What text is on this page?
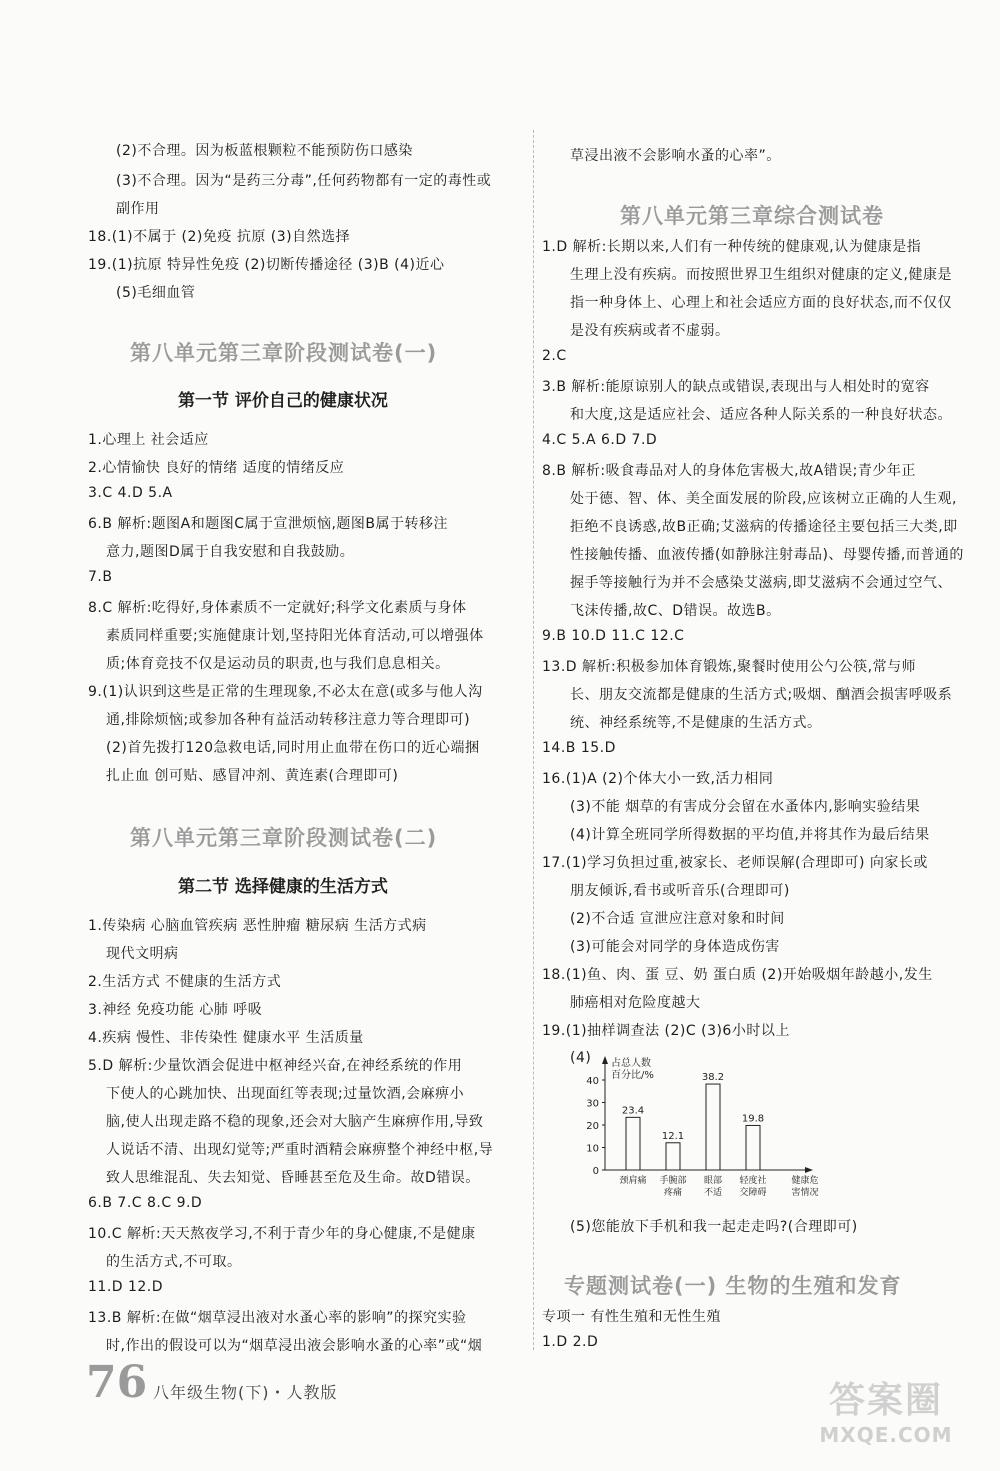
第八单元第三章阶段测试卷(一)
第一节 评价自己的健康状况
第八单元第三章阶段测试卷(二)
第二节 选择健康的生活方式
(2)不合理。因为板蓝根颗粒不能预防伤口感染
(3)不合理。因为“是药三分毒”,任何药物都有一定的毒性或
副作用
18.(1)不属于 (2)免疫 抗原 (3)自然选择
19.(1)抗原 特异性免疫 (2)切断传播途径 (3)B (4)近心
(5)毛细血管
1.心理上 社会适应
2.心情愉快 良好的情绪 适度的情绪反应
3.C 4.D 5.A
6.B 解析:题图A和题图C属于宣泄烦恼,题图B属于转移注
意力,题图D属于自我安慰和自我鼓励。
7.B
8.C 解析:吃得好,身体素质不一定就好;科学文化素质与身体
素质同样重要;实施健康计划,坚持阳光体育活动,可以增强体
质;体育竞技不仅是运动员的职责,也与我们息息相关。
9.(1)认识到这些是正常的生理现象,不必太在意(或多与他人沟
通,排除烦恼;或参加各种有益活动转移注意力等合理即可)
(2)首先拨打120急救电话,同时用止血带在伤口的近心端捆
扎止血 创可贴、感冒冲剂、黄连素(合理即可)
1.传染病 心脑血管疾病 恶性肿瘤 糖尿病 生活方式病
现代文明病
2.生活方式 不健康的生活方式
3.神经 免疫功能 心肺 呼吸
4.疾病 慢性、非传染性 健康水平 生活质量
5.D 解析:少量饮酒会促进中枢神经兴奋,在神经系统的作用
下使人的心跳加快、出现面红等表现;过量饮酒,会麻痹小
脑,使人出现走路不稳的现象,还会对大脑产生麻痹作用,导致
人说话不清、出现幻觉等;严重时酒精会麻痹整个神经中枢,导
致人思维混乱、失去知觉、昏睡甚至危及生命。故D错误。
6.B 7.C 8.C 9.D
10.C 解析:天天熬夜学习,不利于青少年的身心健康,不是健康
的生活方式,不可取。
11.D 12.D
13.B 解析:在做“烟草浸出液对水蚤心率的影响”的探究实验
时,作出的假设可以为“烟草浸出液会影响水蚤的心率”或“烟
第八单元第三章综合测试卷
专题测试卷(一) 生物的生殖和发育
草浸出液不会影响水蚤的心率”。
1.D 解析:长期以来,人们有一种传统的健康观,认为健康是指
生理上没有疾病。而按照世界卫生组织对健康的定义,健康是
指一种身体上、心理上和社会适应方面的良好状态,而不仅仅
是没有疾病或者不虚弱。
2.C
3.B 解析:能原谅别人的缺点或错误,表现出与人相处时的宽容
和大度,这是适应社会、适应各种人际关系的一种良好状态。
4.C 5.A 6.D 7.D
8.B 解析:吸食毒品对人的身体危害极大,故A错误;青少年正
处于德、智、体、美全面发展的阶段,应该树立正确的人生观,
拒绝不良诱惑,故B正确;艾滋病的传播途径主要包括三大类,即
性接触传播、血液传播(如静脉注射毒品)、母婴传播,而普通的
握手等接触行为并不会感染艾滋病,即艾滋病不会通过空气、
飞沫传播,故C、D错误。故选B。
9.B 10.D 11.C 12.C
13.D 解析:积极参加体育锻炼,聚餐时使用公勺公筷,常与师
长、朋友交流都是健康的生活方式;吸烟、酗酒会损害呼吸系
统、神经系统等,不是健康的生活方式。
14.B 15.D
16.(1)A (2)个体大小一致,活力相同
(3)不能 烟草的有害成分会留在水蚤体内,影响实验结果
(4)计算全班同学所得数据的平均值,并将其作为最后结果
17.(1)学习负担过重,被家长、老师误解(合理即可) 向家长或
朋友倾诉,看书或听音乐(合理即可)
(2)不合适 宣泄应注意对象和时间
(3)可能会对同学的身体造成伤害
18.(1)鱼、肉、蛋 豆、奶 蛋白质 (2)开始吸烟年龄越小,发生
肺癌相对危险度越大
19.(1)抽样调查法 (2)C (3)6小时以上
(4)
(5)您能放下手机和我一起走走吗?(合理即可)
专项一 有性生殖和无性生殖
1.D 2.D
占总人数
百分比/%
0
10
20
30
40
23.4
颈肩痛
12.1
手腕部
疼痛
38.2
眼部
不适
19.8
轻度社
交障碍
健康危
害情况
76 八年级生物(下)・人教版	答案圈
MXQE.COM
